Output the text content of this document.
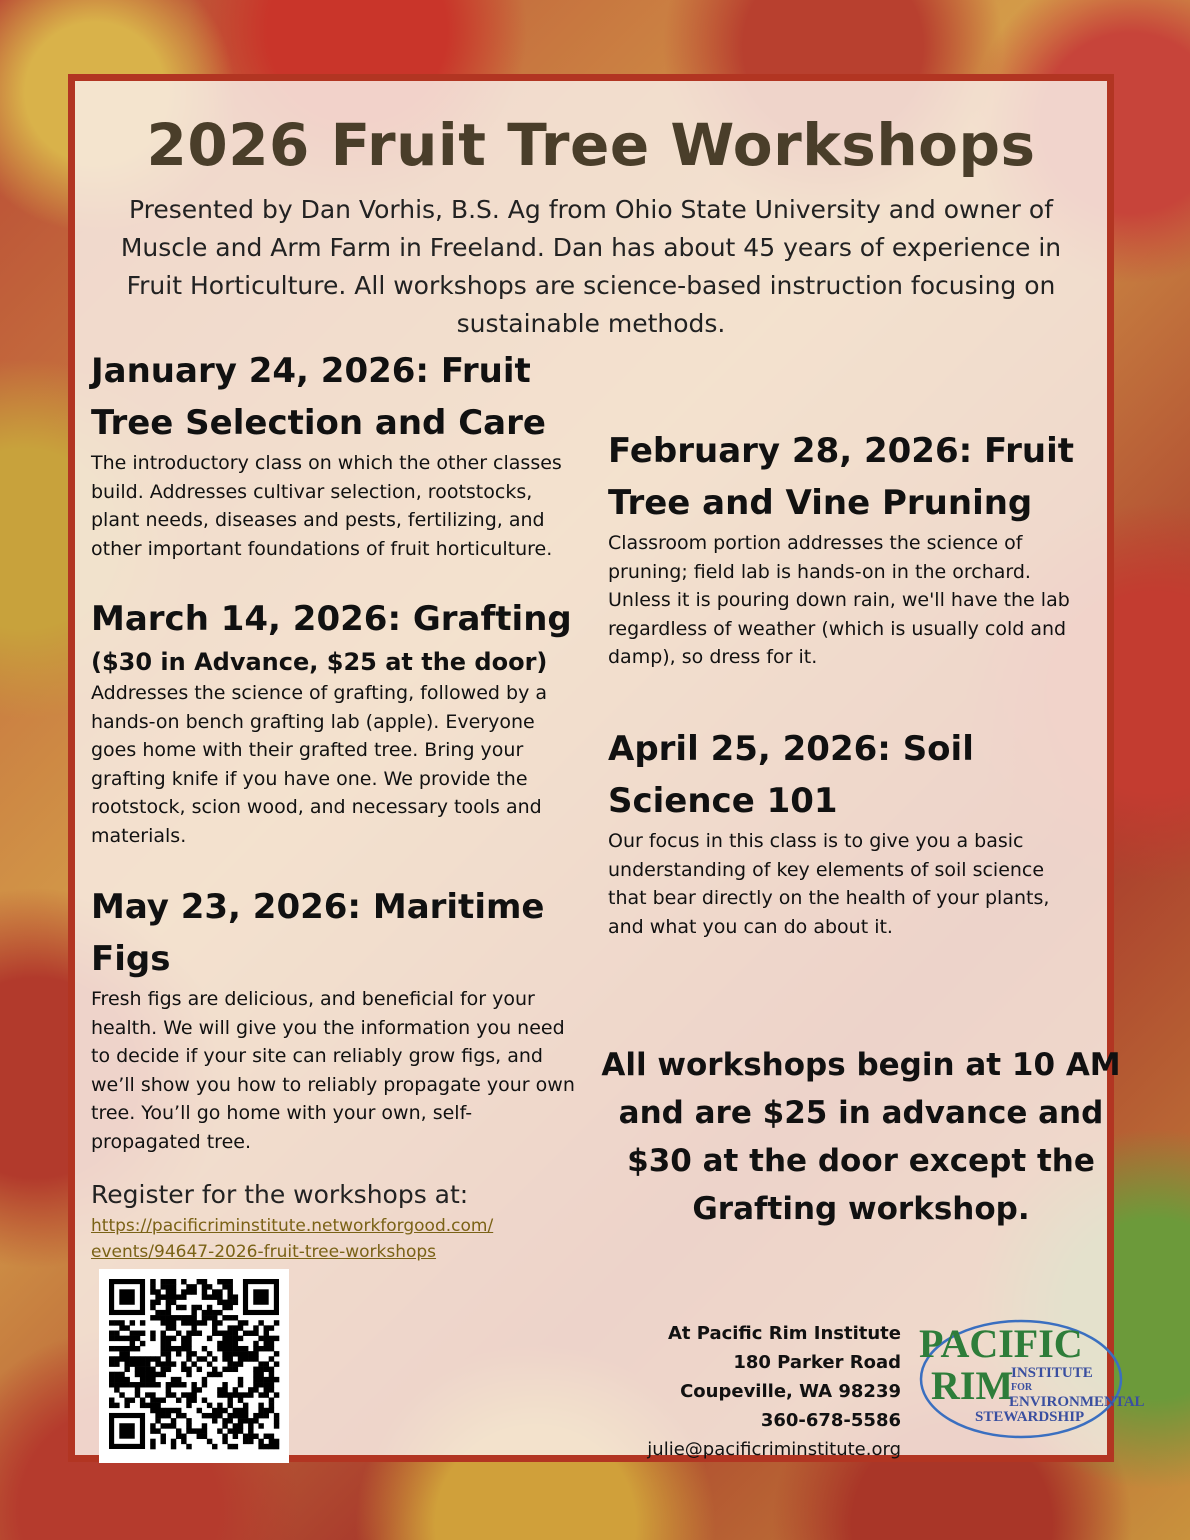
2026 Fruit Tree Workshops
Presented by Dan Vorhis, B.S. Ag from Ohio State University and owner of Muscle and Arm Farm in Freeland. Dan has about 45 years of experience in Fruit Horticulture. All workshops are science-based instruction focusing on sustainable methods.
January 24, 2026: Fruit Tree Selection and Care

The introductory class on which the other classes build. Addresses cultivar selection, rootstocks, plant needs, diseases and pests, fertilizing, and other important foundations of fruit horticulture.

February 28, 2026: Fruit Tree and Vine Pruning

Classroom portion addresses the science of pruning; field lab is hands-on in the orchard. Unless it is pouring down rain, we'll have the lab regardless of weather (which is usually cold and damp), so dress for it.

March 14, 2026: Grafting
($30 in Advance, $25 at the door)

Addresses the science of grafting, followed by a hands-on bench grafting lab (apple). Everyone goes home with their grafted tree. Bring your grafting knife if you have one. We provide the rootstock, scion wood, and necessary tools and materials.

April 25, 2026: Soil Science 101

Our focus in this class is to give you a basic understanding of key elements of soil science that bear directly on the health of your plants, and what you can do about it.

May 23, 2026: Maritime Figs

Fresh figs are delicious, and beneficial for your health. We will give you the information you need to decide if your site can reliably grow figs, and we’ll show you how to reliably propagate your own tree. You’ll go home with your own, self-propagated tree.

Register for the workshops at:
https://pacificriminstitute.networkforgood.com/
events/94647-2026-fruit-tree-workshops
All workshops begin at 10 AM and are $25 in advance and $30 at the door except the Grafting workshop.
At Pacific Rim Institute
180 Parker Road
Coupeville, WA 98239
360-678-5586
julie@pacificriminstitute.org
PACIFIC
RIM
INSTITUTE
FOR
ENVIRONMENTAL
STEWARDSHIP
